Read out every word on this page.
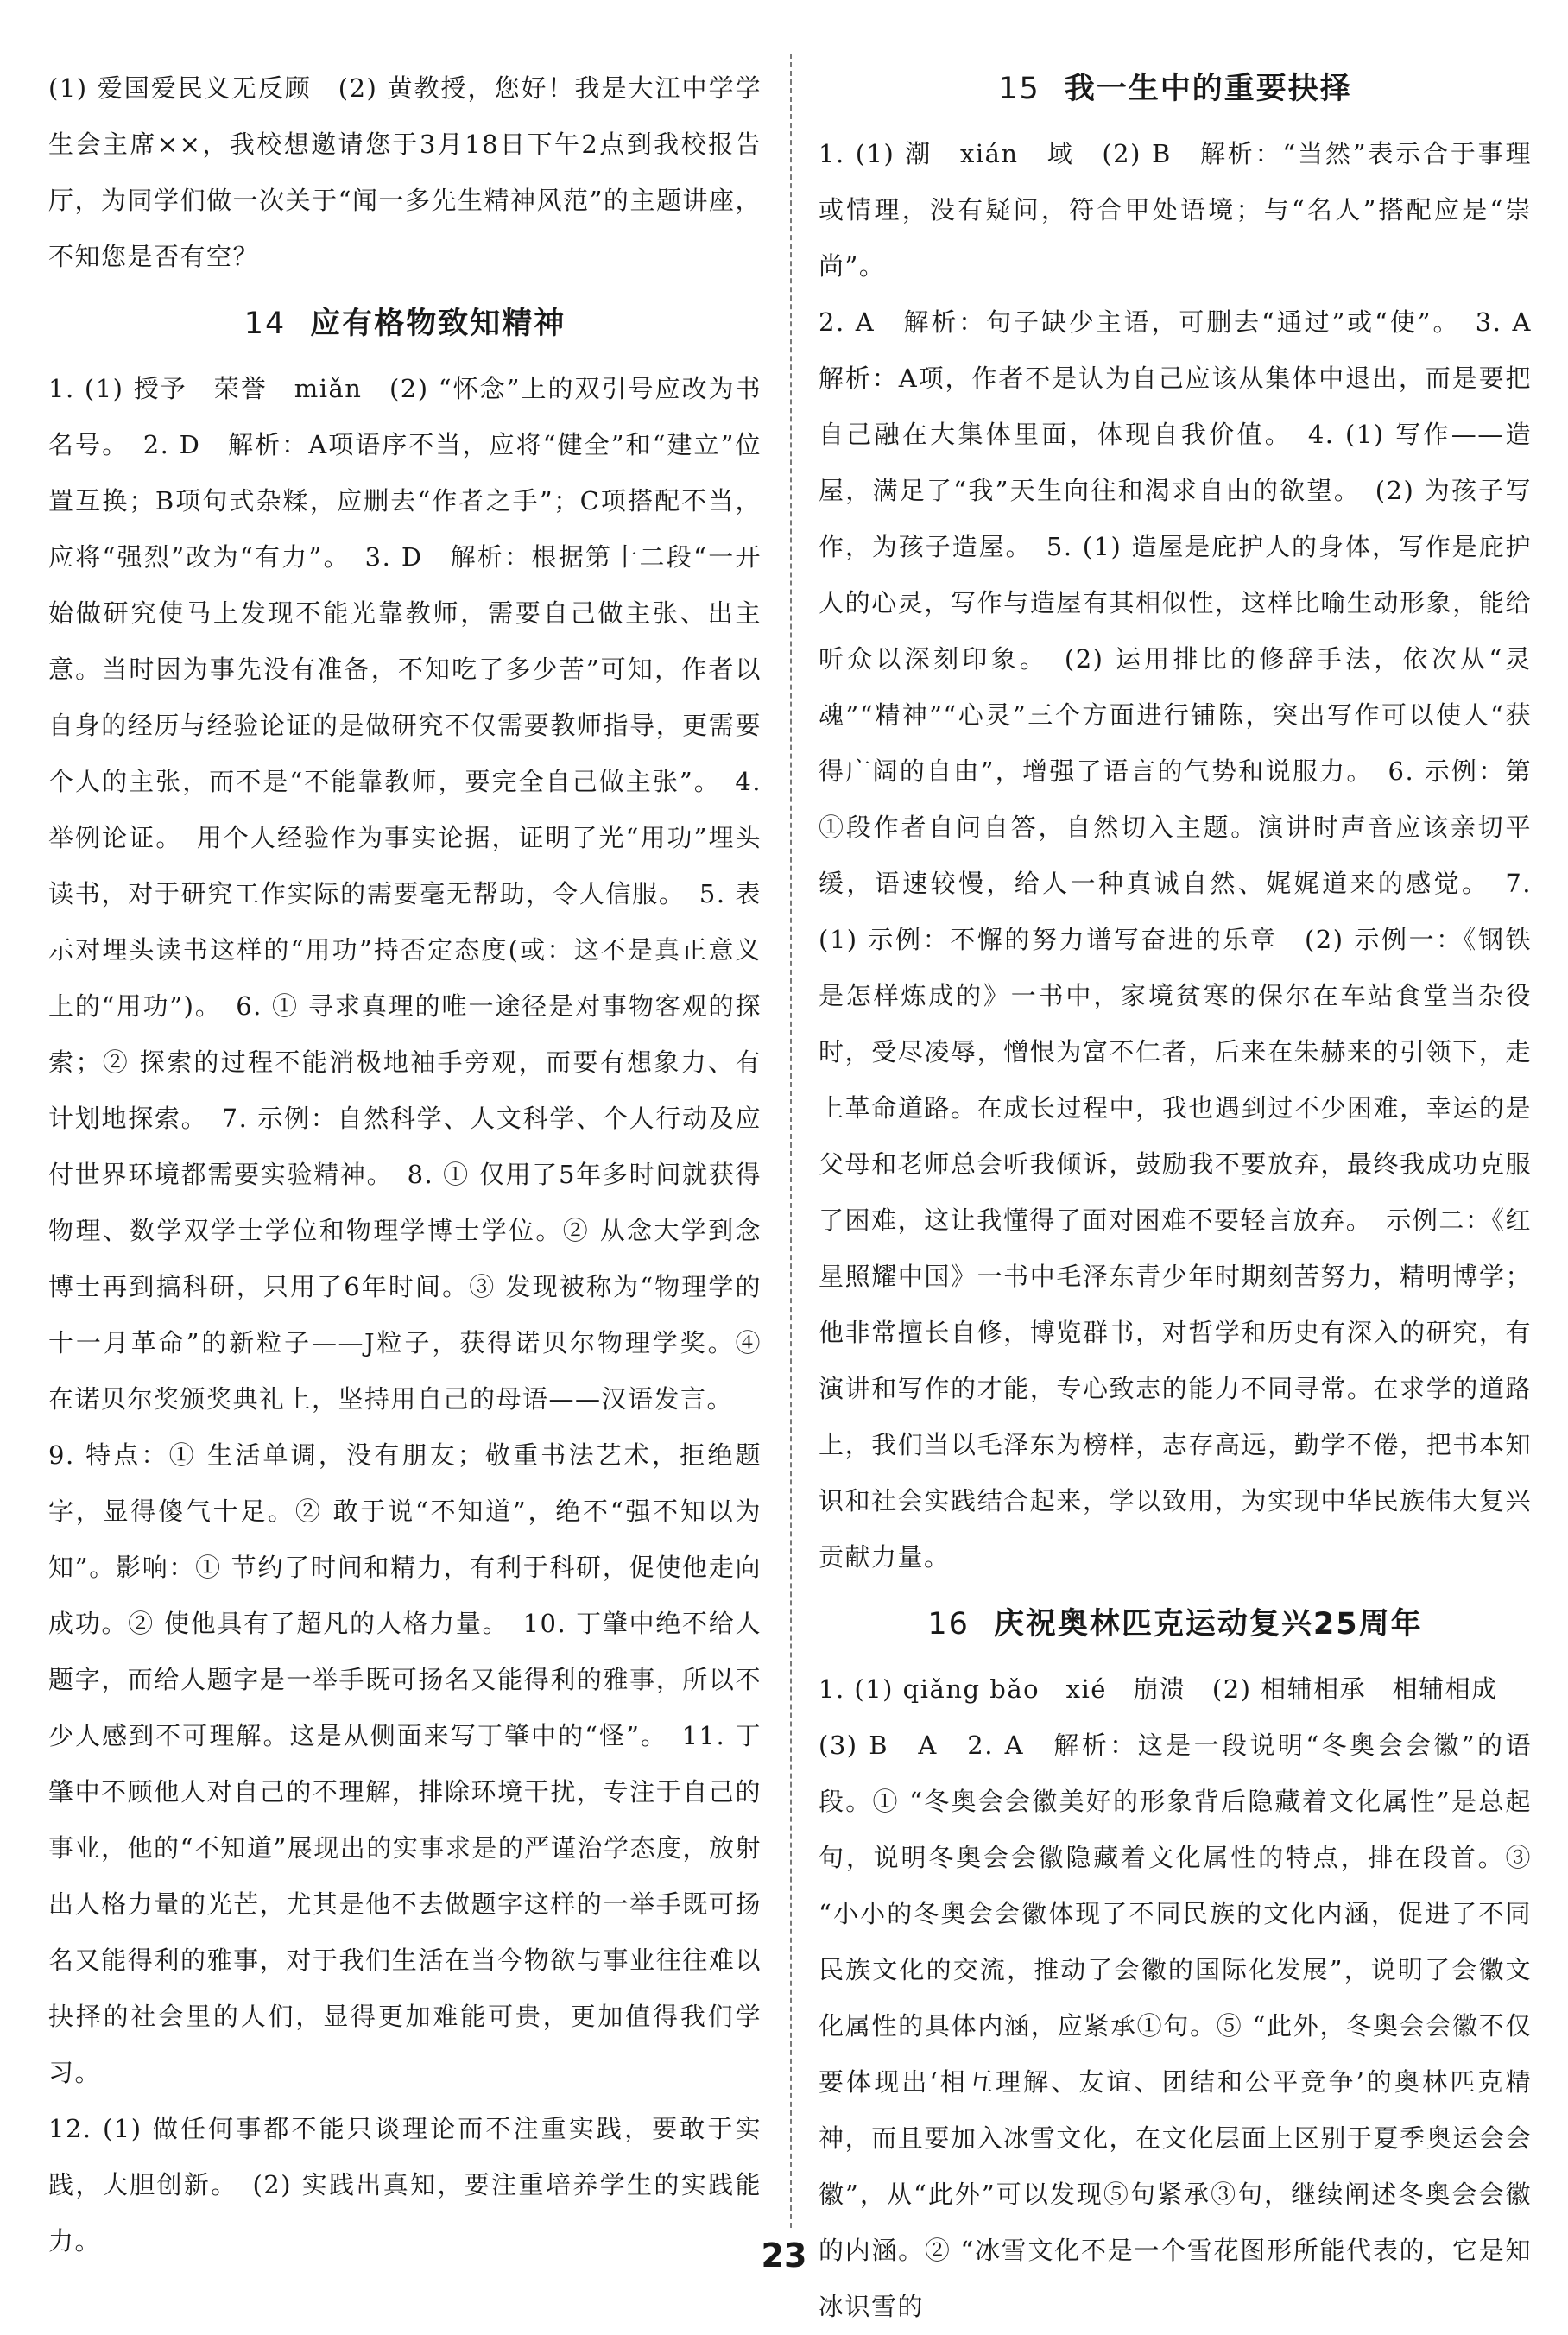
(1) 爱国爱民义无反顾　(2) 黄教授，您好！我是大江中学学生会主席××，我校想邀请您于3月18日下午2点到我校报告厅，为同学们做一次关于“闻一多先生精神风范”的主题讲座，不知您是否有空？

14 应有格物致知精神

1. (1) 授予　荣誉　miǎn　(2) “怀念”上的双引号应改为书名号。　2. D　解析：A项语序不当，应将“健全”和“建立”位置互换；B项句式杂糅，应删去“作者之手”；C项搭配不当，应将“强烈”改为“有力”。　3. D　解析：根据第十二段“一开始做研究使马上发现不能光靠教师，需要自己做主张、出主意。当时因为事先没有准备，不知吃了多少苦”可知，作者以自身的经历与经验论证的是做研究不仅需要教师指导，更需要个人的主张，而不是“不能靠教师，要完全自己做主张”。　4. 举例论证。　用个人经验作为事实论据，证明了光“用功”埋头读书，对于研究工作实际的需要毫无帮助，令人信服。　5. 表示对埋头读书这样的“用功”持否定态度(或：这不是真正意义上的“用功”)。　6. ① 寻求真理的唯一途径是对事物客观的探索；② 探索的过程不能消极地袖手旁观，而要有想象力、有计划地探索。　7. 示例：自然科学、人文科学、个人行动及应付世界环境都需要实验精神。　8. ① 仅用了5年多时间就获得物理、数学双学士学位和物理学博士学位。② 从念大学到念博士再到搞科研，只用了6年时间。③ 发现被称为“物理学的十一月革命”的新粒子——J粒子，获得诺贝尔物理学奖。④ 在诺贝尔奖颁奖典礼上，坚持用自己的母语——汉语发言。

9. 特点：① 生活单调，没有朋友；敬重书法艺术，拒绝题字，显得傻气十足。② 敢于说“不知道”，绝不“强不知以为知”。影响：① 节约了时间和精力，有利于科研，促使他走向成功。② 使他具有了超凡的人格力量。　10. 丁肇中绝不给人题字，而给人题字是一举手既可扬名又能得利的雅事，所以不少人感到不可理解。这是从侧面来写丁肇中的“怪”。　11. 丁肇中不顾他人对自己的不理解，排除环境干扰，专注于自己的事业，他的“不知道”展现出的实事求是的严谨治学态度，放射出人格力量的光芒，尤其是他不去做题字这样的一举手既可扬名又能得利的雅事，对于我们生活在当今物欲与事业往往难以抉择的社会里的人们，显得更加难能可贵，更加值得我们学习。

12. (1) 做任何事都不能只谈理论而不注重实践，要敢于实践，大胆创新。　(2) 实践出真知，要注重培养学生的实践能力。

15 我一生中的重要抉择

1. (1) 潮　xián　域　(2) B　解析：“当然”表示合于事理或情理，没有疑问，符合甲处语境；与“名人”搭配应是“崇尚”。

2. A　解析：句子缺少主语，可删去“通过”或“使”。　3. A　解析：A项，作者不是认为自己应该从集体中退出，而是要把自己融在大集体里面，体现自我价值。　4. (1) 写作——造屋，满足了“我”天生向往和渴求自由的欲望。　(2) 为孩子写作，为孩子造屋。　5. (1) 造屋是庇护人的身体，写作是庇护人的心灵，写作与造屋有其相似性，这样比喻生动形象，能给听众以深刻印象。　(2) 运用排比的修辞手法，依次从“灵魂”“精神”“心灵”三个方面进行铺陈，突出写作可以使人“获得广阔的自由”，增强了语言的气势和说服力。　6. 示例：第①段作者自问自答，自然切入主题。演讲时声音应该亲切平缓，语速较慢，给人一种真诚自然、娓娓道来的感觉。　7. (1) 示例：不懈的努力谱写奋进的乐章　(2) 示例一：《钢铁是怎样炼成的》一书中，家境贫寒的保尔在车站食堂当杂役时，受尽凌辱，憎恨为富不仁者，后来在朱赫来的引领下，走上革命道路。在成长过程中，我也遇到过不少困难，幸运的是父母和老师总会听我倾诉，鼓励我不要放弃，最终我成功克服了困难，这让我懂得了面对困难不要轻言放弃。　示例二：《红星照耀中国》一书中毛泽东青少年时期刻苦努力，精明博学；他非常擅长自修，博览群书，对哲学和历史有深入的研究，有演讲和写作的才能，专心致志的能力不同寻常。在求学的道路上，我们当以毛泽东为榜样，志存高远，勤学不倦，把书本知识和社会实践结合起来，学以致用，为实现中华民族伟大复兴贡献力量。

16 庆祝奥林匹克运动复兴25周年

1. (1) qiǎng bǎo　xié　崩溃　(2) 相辅相承　相辅相成

(3) B　A　2. A　解析：这是一段说明“冬奥会会徽”的语段。① “冬奥会会徽美好的形象背后隐藏着文化属性”是总起句，说明冬奥会会徽隐藏着文化属性的特点，排在段首。③ “小小的冬奥会会徽体现了不同民族的文化内涵，促进了不同民族文化的交流，推动了会徽的国际化发展”，说明了会徽文化属性的具体内涵，应紧承①句。⑤ “此外，冬奥会会徽不仅要体现出‘相互理解、友谊、团结和公平竞争’的奥林匹克精神，而且要加入冰雪文化，在文化层面上区别于夏季奥运会会徽”，从“此外”可以发现⑤句紧承③句，继续阐述冬奥会会徽的内涵。② “冰雪文化不是一个雪花图形所能代表的，它是知冰识雪的

23
